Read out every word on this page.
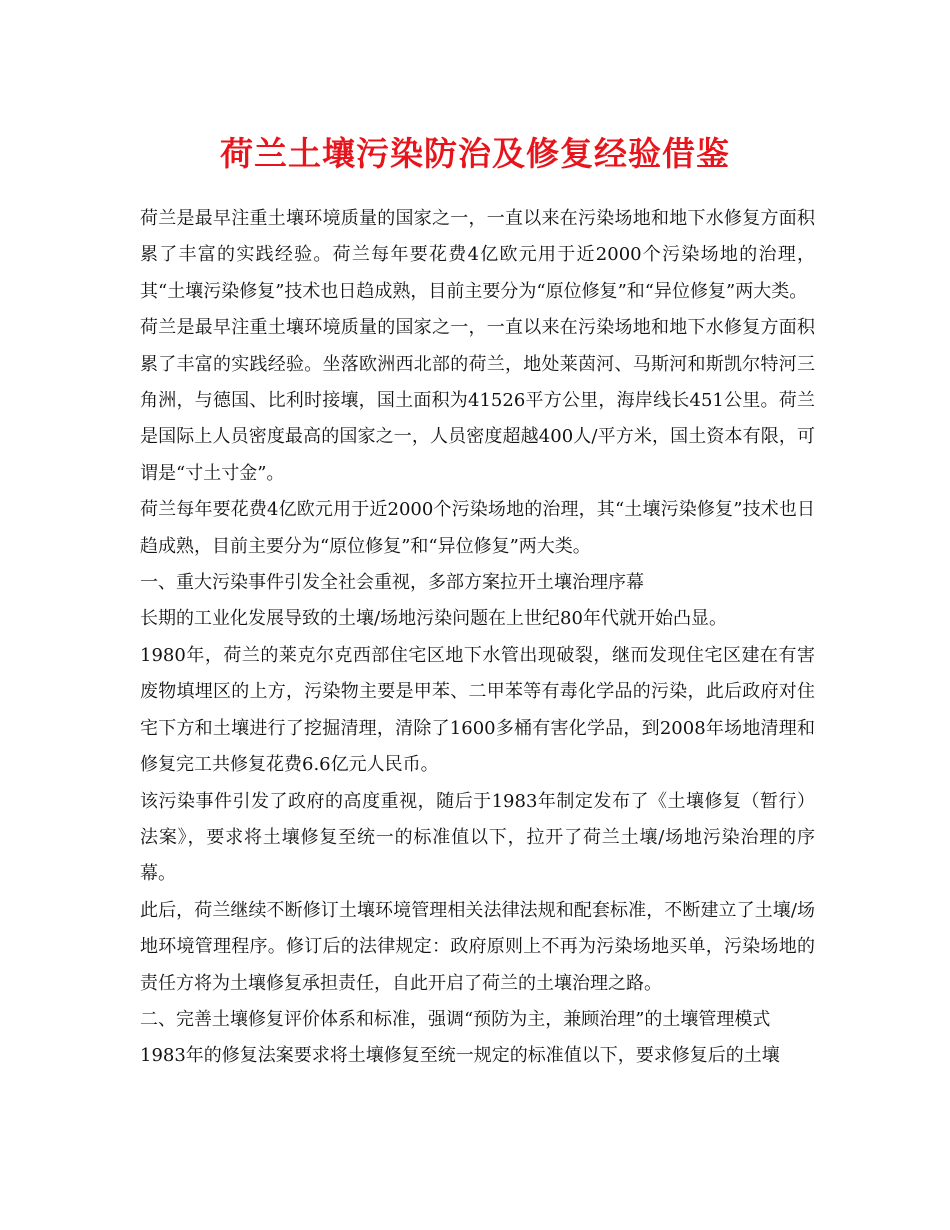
荷兰土壤污染防治及修复经验借鉴

荷兰是最早注重土壤环境质量的国家之一，一直以来在污染场地和地下水修复方面积累了丰富的实践经验。荷兰每年要花费4亿欧元用于近2000个污染场地的治理，其“土壤污染修复”技术也日趋成熟，目前主要分为“原位修复”和“异位修复”两大类。

荷兰是最早注重土壤环境质量的国家之一，一直以来在污染场地和地下水修复方面积累了丰富的实践经验。坐落欧洲西北部的荷兰，地处莱茵河、马斯河和斯凯尔特河三角洲，与德国、比利时接壤，国土面积为41526平方公里，海岸线长451公里。荷兰是国际上人员密度最高的国家之一，人员密度超越400人/平方米，国土资本有限，可谓是“寸土寸金”。

荷兰每年要花费4亿欧元用于近2000个污染场地的治理，其“土壤污染修复”技术也日趋成熟，目前主要分为“原位修复”和“异位修复”两大类。

一、重大污染事件引发全社会重视，多部方案拉开土壤治理序幕

长期的工业化发展导致的土壤/场地污染问题在上世纪80年代就开始凸显。

1980年，荷兰的莱克尔克西部住宅区地下水管出现破裂，继而发现住宅区建在有害废物填埋区的上方，污染物主要是甲苯、二甲苯等有毒化学品的污染，此后政府对住宅下方和土壤进行了挖掘清理，清除了1600多桶有害化学品，到2008年场地清理和修复完工共修复花费6.6亿元人民币。

该污染事件引发了政府的高度重视，随后于1983年制定发布了《土壤修复（暂行）法案》，要求将土壤修复至统一的标准值以下，拉开了荷兰土壤/场地污染治理的序幕。

此后，荷兰继续不断修订土壤环境管理相关法律法规和配套标准，不断建立了土壤/场地环境管理程序。修订后的法律规定：政府原则上不再为污染场地买单，污染场地的责任方将为土壤修复承担责任，自此开启了荷兰的土壤治理之路。

二、完善土壤修复评价体系和标准，强调“预防为主，兼顾治理”的土壤管理模式

1983年的修复法案要求将土壤修复至统一规定的标准值以下，要求修复后的土壤
